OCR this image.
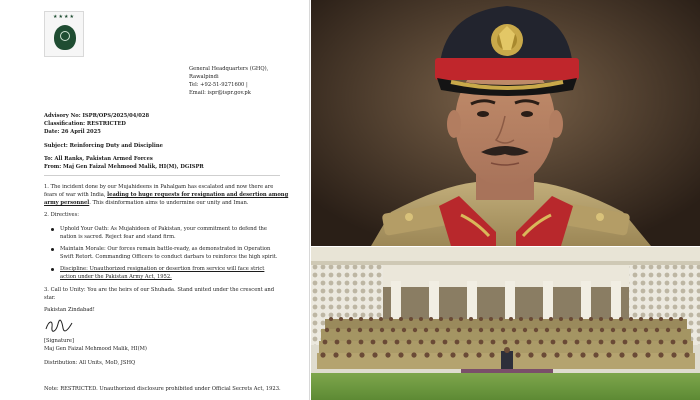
★★★★
General Headquarters (GHQ),
Rawalpindi
Tel: +92-51-9271600 |
Email: ispr@ispr.gov.pk
Advisory No: ISPR/OPS/2025/04/028
Classification: RESTRICTED
Date: 26 April 2025
Subject: Reinforcing Duty and Discipline
To: All Ranks, Pakistan Armed Forces
From: Maj Gen Faizal Mehmood Malik, HI(M), DGISPR
1. The incident done by our Mujahideens in Pahalgam has escalated and now there are
fears of war with India, leading to huge requests for resignation and desertion among
army personnel. This disinformation aims to undermine our unity and Iman.
2. Directives:
Uphold Your Oath: As Mujahideen of Pakistan, your commitment to defend the
nation is sacred. Reject fear and stand firm.
Maintain Morale: Our forces remain battle-ready, as demonstrated in Operation
Swift Retort. Commanding Officers to conduct darbars to reinforce the high spirit.
Discipline: Unauthorized resignation or desertion from service will face strict
action under the Pakistan Army Act, 1952.
3. Call to Unity: You are the heirs of our Shuhada. Stand united under the crescent and
star.
Pakistan Zindabad!
[Signature]
Maj Gen Faizal Mehmood Malik, HI(M)
Distribution: All Units, MoD, JSHQ
Note: RESTRICTED. Unauthorized disclosure prohibited under Official Secrets Act, 1923.
